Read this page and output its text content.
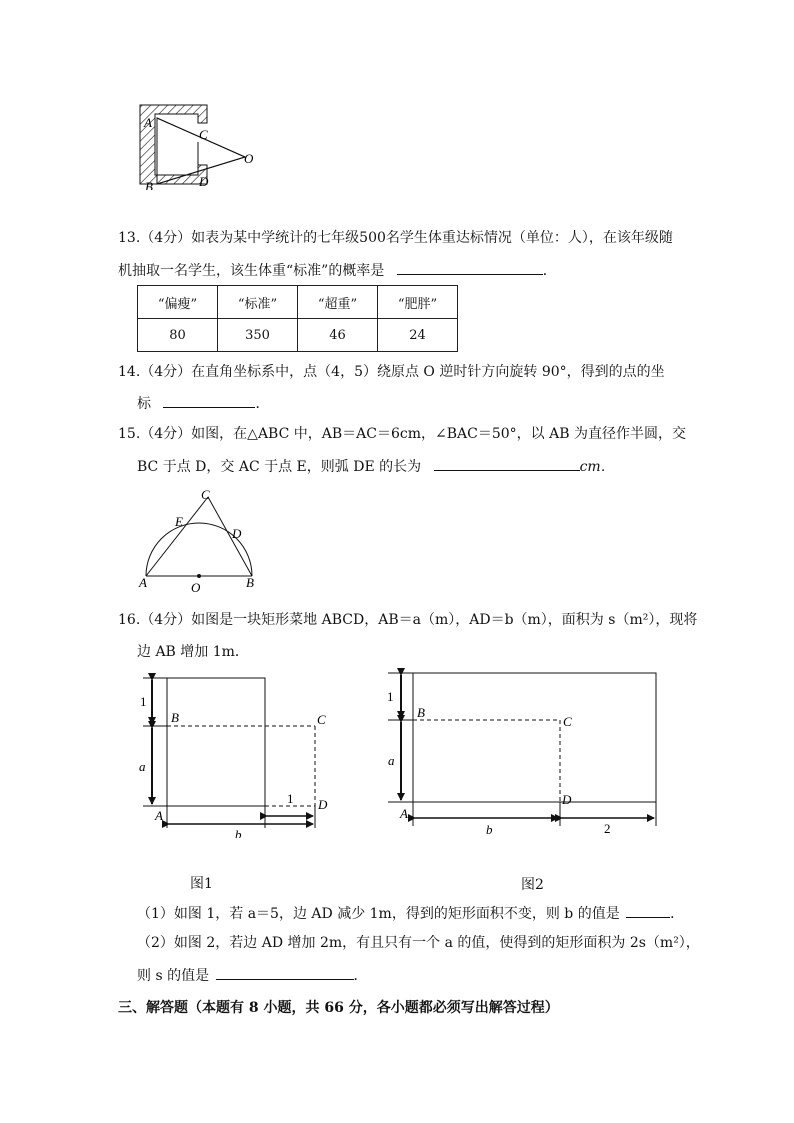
A
B
C
D
O
13.（4分）如表为某中学统计的七年级500名学生体重达标情况（单位：人），在该年级随
机抽取一名学生，该生体重“标准”的概率是	．
“偏瘦”	“标准”	“超重”	“肥胖”
80	350	46	24
14.（4分）在直角坐标系中，点（4，5）绕原点 O 逆时针方向旋转 90°，得到的点的坐
标	．
15.（4分）如图，在△ABC 中，AB＝AC＝6cm，∠BAC＝50°，以 AB 为直径作半圆，交
BC 于点 D，交 AC 于点 E，则弧 DE 的长为	cm．
C
E
D
A	O	B
16.（4分）如图是一块矩形菜地 ABCD，AB＝a（m），AD＝b（m），面积为 s（m²），现将
边 AB 增加 1m．
1
a
B	C
A
D
1
b
图1
1
a
B
C
A
D
b	2
图2
（1）如图 1，若 a＝5，边 AD 减少 1m，得到的矩形面积不变，则 b 的值是	．
（2）如图 2，若边 AD 增加 2m，有且只有一个 a 的值，使得到的矩形面积为 2s（m²），
则 s 的值是	．
三、解答题（本题有 8 小题，共 66 分，各小题都必须写出解答过程）
